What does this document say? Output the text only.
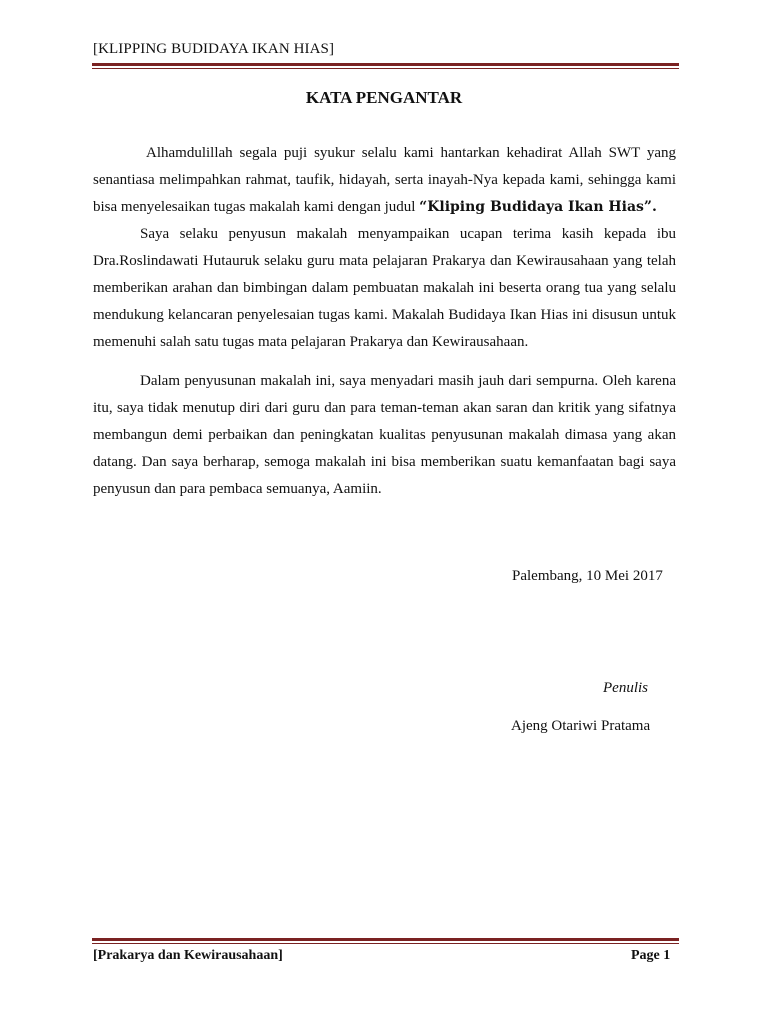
[KLIPPING BUDIDAYA IKAN HIAS]
KATA PENGANTAR

Alhamdulillah segala puji syukur selalu kami hantarkan kehadirat Allah SWT yang senantiasa melimpahkan rahmat, taufik, hidayah, serta inayah-Nya kepada kami, sehingga kami bisa menyelesaikan tugas makalah kami dengan judul “Kliping Budidaya Ikan Hias”.

Saya selaku penyusun makalah menyampaikan ucapan terima kasih kepada ibu Dra.Roslindawati Hutauruk selaku guru mata pelajaran Prakarya dan Kewirausahaan yang telah memberikan arahan dan bimbingan dalam pembuatan makalah ini beserta orang tua yang selalu mendukung kelancaran penyelesaian tugas kami. Makalah Budidaya Ikan Hias ini disusun untuk memenuhi salah satu tugas mata pelajaran Prakarya dan Kewirausahaan.

Dalam penyusunan makalah ini, saya menyadari masih jauh dari sempurna. Oleh karena itu, saya tidak menutup diri dari guru dan para teman-teman akan saran dan kritik yang sifatnya membangun demi perbaikan dan peningkatan kualitas penyusunan makalah dimasa yang akan datang. Dan saya berharap, semoga makalah ini bisa memberikan suatu kemanfaatan bagi saya penyusun dan para pembaca semuanya, Aamiin.

Palembang, 10 Mei 2017
Penulis
Ajeng Otariwi Pratama
[Prakarya dan Kewirausahaan]	Page 1
